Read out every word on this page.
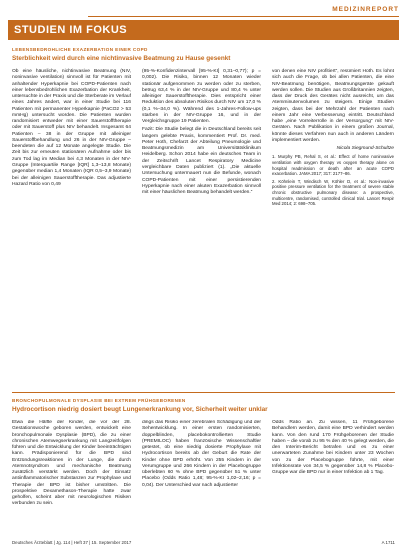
MEDIZINREPORT
STUDIEN IM FOKUS
LEBENSBEDROHLICHE EXAZERBATION EINER COPD
Sterblichkeit wird durch eine nichtinvasive Beatmung zu Hause gesenkt

Ob eine häusliche, nichtinvasive Beatmung (NIV, noninvasive ventilation) sinnvoll ist für Patienten mit anhaltender Hyperkapnie bei COPD-Patienten nach einer lebensbedrohlichen Exazerbation der Krankheit, untersuchte in der Praxis und die Sterberate im Verlauf eines Jahres ändert, war in einer Studie bei 116 Patienten mit permanenter Hyperkapnie (PaCO2 > 53 mmHg) untersucht worden. Die Patienten wurden randomisiert entweder mit einer Sauerstofftherapie oder mit Sauerstoff plus NIV behandelt. Insgesamt 64 Patienten – 38 in der Gruppe mit alleiniger Sauerstoffbehandlung und 26 in der NIV-Gruppe – beendeten die auf 12 Monate angelegte Studie. Die Zeit bis zur erneuten stationären Aufnahme oder bis zum Tod lag im Median bei 4,3 Monaten in der NIV-Gruppe (Interquartile Range [IQR] 1,3–13,8 Monate) gegenüber median 1,4 Monaten (IQR 0,5–3,9 Monate) bei der alleinigen Sauerstofftherapie. Das adjustierte Hazard Ratio von 0,49

(95-%-Konfidenzintervall [95-%-KI] 0,31–0,77); p = 0,002). Die Risiko, binnen 12 Monaten wieder stationär aufgenommen zu werden oder zu sterben, betrug 63,4 % in der NIV-Gruppe und 80,4 % unter alleiniger Sauerstofftherapie. Dies entspricht einer Reduktion des absoluten Risikos durch NIV um 17,0 % (0,1 %–34,0 %). Während des 1-Jahres-Follow-ups starben in der NIV-Gruppe 16, und in der Vergleichsgruppe 19 Patienten.

Fazit: Die Studie belegt die in Deutschland bereits seit langem gelebte Praxis, kommentiert Prof. Dr. med. Peter Hoth, Chefarzt der Abteilung Pneumologie und Beatmungsmedizin am Universitätsklinikum Heidelberg. Schon 2014 habe ein deutsches Team in der Zeitschrift Lancet Respiratory Medicine vergleichbare Daten publiziert (1). „Die aktuelle Untersuchung untermauert nun die Befunde, wonach COPD-Patienten mit einer persistierenden Hyperkapnie nach einer akuten Exazerbation sinnvoll mit einer häuslichen Beatmung behandelt werden.“

von denen eine NIV profitiert“, resümiert Hoth. Es lohnt sich auch die Frage, ob bei allen Patienten, die eine NIV-Beatmung benötigen, Beatmungsgeräte gekauft werden sollen. Die Studien aus Großbritannien zeigten, dass der Druck des Gerätes nicht ausreicht, um das Atemminutenvolumen zu steigern. Einige Studien zeigten, dass bei der Mehrzahl der Patienten nach einem Jahr eine Verbesserung eintritt. Deutschland habe „eine Vorreiterrolle in der Versorgung“ mit NIV-Geräten. Nach Publikation in einem großen Journal, könnte dieses Verfahren nun auch in anderen Ländern implementiert werden.

Nicola Siegmund-Schultze

1. Murphy PB, Rehal S, et al.: Effect of home noninvasive ventilation with oxygen therapy vs oxygen therapy alone on hospital readmission or death after an acute COPD exacerbation. JAMA 2017; 317: 2177–86.
2. Köhnlein T, Windisch W, Köhler D, et al.: Non-invasive positive pressure ventilation for the treatment of severe stable chronic obstructive pulmonary disease: a prospective, multicentre, randomised, controlled clinical trial. Lancet Respir Med 2014; 2: 698–705.
BRONCHOPULMONALE DYSPLASIE BEI EXTREM FRÜHGEBORENEN
Hydrocortison niedrig dosiert beugt Lungenerkrankung vor, Sicherheit weiter unklar

Etwa die Hälfte der Kinder, die vor der 28. Gestationswoche geboren werden, entwickelt eine bronchopulmonale Dysplasie (BPD), die zu einer chronischen Atemwegserkrankung mit Langzeitfolgen führen und die Entwicklung der Kinder beeinträchtigen kann. Prädisponierend für die BPD sind Entzündungsreaktionen in der Lunge, die durch Atemnotsyndrom und mechanische Beatmung zusätzlich verstärkt werden. Doch der Einsatz antiinflammatorischer Substanzen zur Prophylaxe und Therapie der BPD ist bisher umstritten. Die prospektive Dexamethason-Therapie hatte zwar geholfen, scheint aber mit neurologischen Risiken verbunden zu sein.

dings das Risiko einer zerebralen Schädigung und der Sehentwicklung. In einer ersten randomisierten, doppelblinden, placebokontrollierten Studie (PREMILOC) haben französische Wissenschaftler getestet, ob eine niedrig dosierte Prophylaxe mit Hydrocortison bereits ab der Geburt die Rate der Kinder ohne BPD erhöht. Von 255 Kindern in der Verumgruppe und 266 Kindern in der Placebogruppe überlebten 60 % ohne BPD gegenüber 51 % unter Placebo (Odds Ratio 1,48; 95-%-KI 1,02–2,16; p = 0,04). Der Unterschied war nach adjustierter

Odds Ratio an. Zu wissen, 11 Frühgeborene Behandlern werden, damit eine BPD verhindert werden kann. Von den rund 170 Frühgeborenen der Studie haben – die vorab zu 95 % den 40 % gelegt werden, die den Interim-Bericht betrafen und es zu einer unerwarteten Zunahme bei Kindern unter 23 Wochen von zu der Placebogruppe führte, mit einer Infektionsrate von 34,5 % gegenüber 14,8 % Placebo-Gruppe war die BPD nur in einer Infektion ab 1 Tag.

Deutsches Ärzteblatt | Jg. 114 | Heft 37 | 15. September 2017	A 1711
